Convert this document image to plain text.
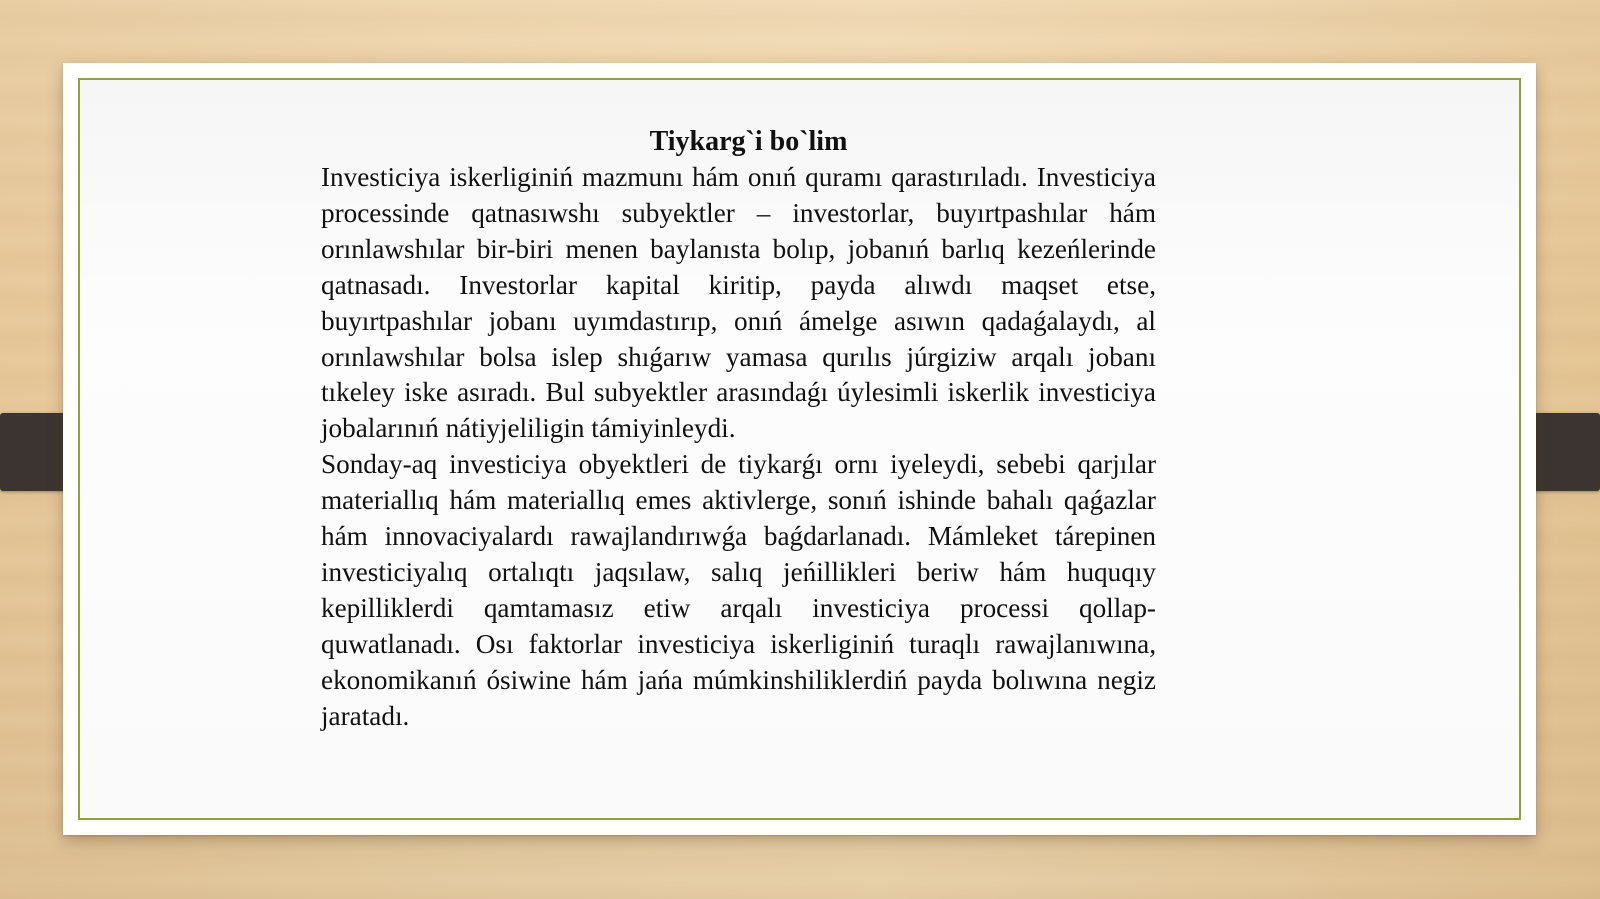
Tiykarg`i bo`lim

Investiciya iskerliginiń mazmunı hám onıń quramı qarastırıladı. Investiciya processinde qatnasıwshı subyektler – investorlar, buyırtpashılar hám orınlawshılar bir-biri menen baylanısta bolıp, jobanıń barlıq kezeńlerinde qatnasadı. Investorlar kapital kiritip, payda alıwdı maqset etse, buyırtpashılar jobanı uyımdastırıp, onıń ámelge asıwın qadaǵalaydı, al orınlawshılar bolsa islep shıǵarıw yamasa qurılıs júrgiziw arqalı jobanı tıkeley iske asıradı. Bul subyektler arasındaǵı úylesimli iskerlik investiciya jobalarınıń nátiyjeliligin támiyinleydi.

Sonday-aq investiciya obyektleri de tiykarǵı ornı iyeleydi, sebebi qarjılar materiallıq hám materiallıq emes aktivlerge, sonıń ishinde bahalı qaǵazlar hám innovaciyalardı rawajlandırıwǵa baǵdarlanadı. Mámleket tárepinen investiciyalıq ortalıqtı jaqsılaw, salıq jeńillikleri beriw hám huquqıy kepilliklerdi qamtamasız etiw arqalı investiciya processi qollap-quwatlanadı. Osı faktorlar investiciya iskerliginiń turaqlı rawajlanıwına, ekonomikanıń ósiwine hám jańa múmkinshiliklerdiń payda bolıwına negiz jaratadı.
